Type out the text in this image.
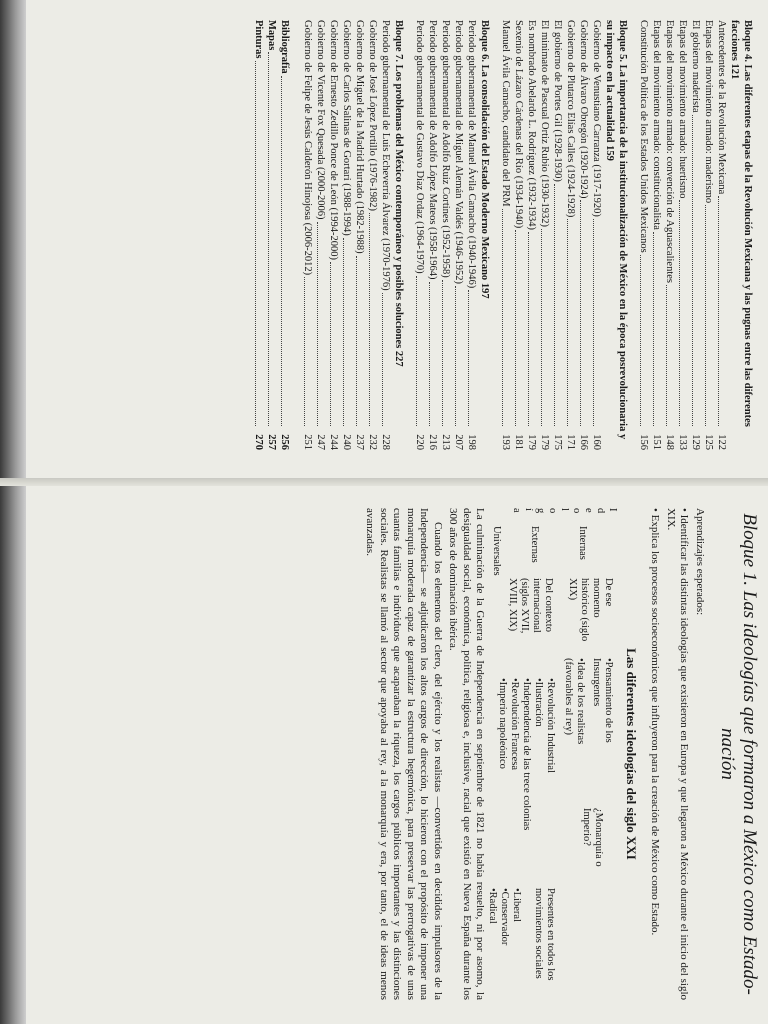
Bloque 4. Las diferentes etapas de la Revolución Mexicana y las pugnas entre las diferentes facciones 121
Antecedentes de la Revolución Mexicana
122
Etapas del movimiento armado: maderismo
125
El gobierno maderista
129
Etapas del movimiento armado: huertismo
133
Etapas del movimiento armado: convención de Aguascalientes
148
Etapas del movimiento armado: constitucionalista
151
Constitución Política de los Estados Unidos Mexicanos
156
Bloque 5. La importancia de la institucionalización de México en la época posrevolucionaria y su impacto en la actualidad 159
Gobierno de Venustiano Carranza (1917-1920)
160
Gobierno de Álvaro Obregón (1920-1924)
166
Gobierno de Plutarco Elías Calles (1924-1928)
171
El gobierno de Portes Gil (1928-1930)
175
El minimato de Pascual Ortiz Rubio (1930-1932)
179
Es nombrado Abelardo L. Rodríguez (1932-1934)
179
Sexenio de Lázaro Cárdenas del Río (1934-1940)
181
Manuel Ávila Camacho, candidato del PRM
193
Bloque 6. La consolidación del Estado Moderno Mexicano 197
Periodo gubernamental de Manuel Ávila Camacho (1940-1946)
198
Periodo gubernamental de Miguel Alemán Valdés (1946-1952)
207
Periodo gubernamental de Adolfo Ruiz Cortines (1952-1958)
213
Periodo gubernamental de Adolfo López Mateos (1958-1964)
216
Periodo gubernamental de Gustavo Díaz Ordaz (1964-1970)
220
Bloque 7. Los problemas del México contemporáneo y posibles soluciones 227
Periodo gubernamental de Luis Echeverría Álvarez (1970-1976)
228
Gobierno de José López Portillo (1976-1982)
232
Gobierno de Miguel de la Madrid Hurtado (1982-1988)
237
Gobierno de Carlos Salinas de Gortari (1988-1994)
240
Gobierno de Ernesto Zedillo Ponce de León (1994-2000)
244
Gobierno de Vicente Fox Quesada (2000-2006)
247
Gobierno de Felipe de Jesús Calderón Hinojosa (2006-2012)
251
Bibliografía
256
Mapas
257
Pinturas
270
Bloque 1. Las ideologías que formaron a México como Estado-nación

Aprendizajes esperados:

• Identificar las distintas ideologías que existieron en Europa y que llegaron a México durante el inicio del siglo XIX.

• Explica los procesos socioeconómicos que influyeron para la creación de México como Estado.

Las diferentes ideologías del siglo XXI
I d e o l o g í a
Internas
De ese momento histórico (siglo XIX)
•Pensamiento de los Insurgentes
•Idea de los realistas (favorables al rey)
¿Monarquía o Imperio?
Externas
Del contexto internacional (siglos XVII, XVIII, XIX)
•Revolución Industrial
•Ilustración
•Independencia de las trece colonias
•Revolución Francesa
•Imperio napoleónico
Universales
Presentes en todos los movimientos sociales
•Liberal
•Conservador
•Radical

La culminación de la Guerra de Independencia en septiembre de 1821 no había resuelto, ni por asomo, la desigualdad social, económica, política, religiosa e, inclusive, racial que existió en Nueva España durante los 300 años de dominación ibérica.

Cuando los elementos del clero, del ejército y los realistas —convertidos en decididos impulsores de la Independencia— se adjudicaron los altos cargos de dirección, lo hicieron con el propósito de imponer una monarquía moderada capaz de garantizar la estructura hegemónica, para preservar las prerrogativas de unas cuantas familias e individuos que acaparaban la riqueza, los cargos públicos importantes y las distinciones sociales. Realistas se llamó al sector que apoyaba al rey, a la monarquía y era, por tanto, el de ideas menos avanzadas.
